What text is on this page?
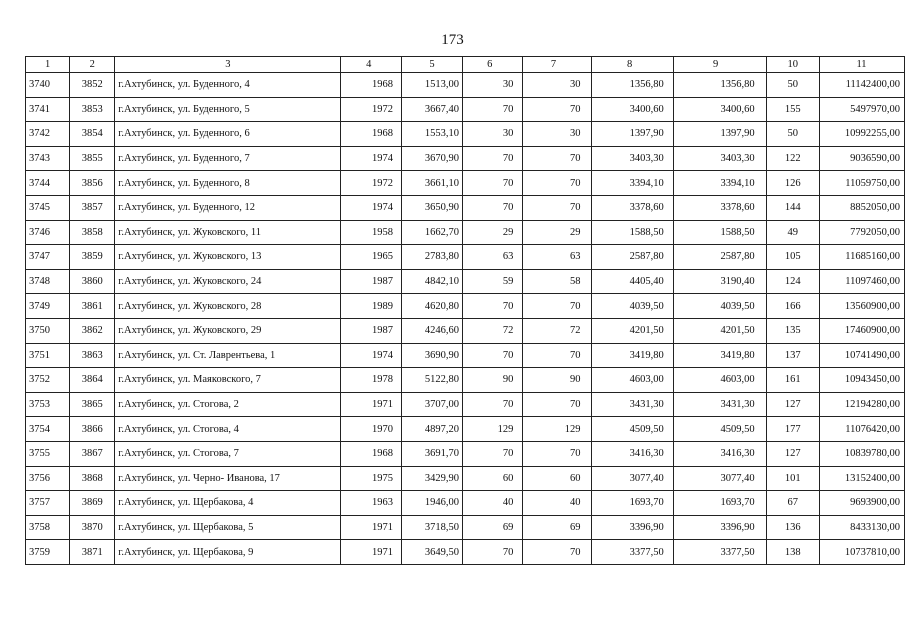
173
1	2	3	4	5	6	7	8	9	10	11
3740	3852	г.Ахтубинск, ул. Буденного, 4	1968	1513,00	30	30	1356,80	1356,80	50	11142400,00
3741	3853	г.Ахтубинск, ул. Буденного, 5	1972	3667,40	70	70	3400,60	3400,60	155	5497970,00
3742	3854	г.Ахтубинск, ул. Буденного, 6	1968	1553,10	30	30	1397,90	1397,90	50	10992255,00
3743	3855	г.Ахтубинск, ул. Буденного, 7	1974	3670,90	70	70	3403,30	3403,30	122	9036590,00
3744	3856	г.Ахтубинск, ул. Буденного, 8	1972	3661,10	70	70	3394,10	3394,10	126	11059750,00
3745	3857	г.Ахтубинск, ул. Буденного, 12	1974	3650,90	70	70	3378,60	3378,60	144	8852050,00
3746	3858	г.Ахтубинск, ул. Жуковского, 11	1958	1662,70	29	29	1588,50	1588,50	49	7792050,00
3747	3859	г.Ахтубинск, ул. Жуковского, 13	1965	2783,80	63	63	2587,80	2587,80	105	11685160,00
3748	3860	г.Ахтубинск, ул. Жуковского, 24	1987	4842,10	59	58	4405,40	3190,40	124	11097460,00
3749	3861	г.Ахтубинск, ул. Жуковского, 28	1989	4620,80	70	70	4039,50	4039,50	166	13560900,00
3750	3862	г.Ахтубинск, ул. Жуковского, 29	1987	4246,60	72	72	4201,50	4201,50	135	17460900,00
3751	3863	г.Ахтубинск, ул. Ст. Лаврентьева, 1	1974	3690,90	70	70	3419,80	3419,80	137	10741490,00
3752	3864	г.Ахтубинск, ул. Маяковского, 7	1978	5122,80	90	90	4603,00	4603,00	161	10943450,00
3753	3865	г.Ахтубинск, ул. Стогова, 2	1971	3707,00	70	70	3431,30	3431,30	127	12194280,00
3754	3866	г.Ахтубинск, ул. Стогова, 4	1970	4897,20	129	129	4509,50	4509,50	177	11076420,00
3755	3867	г.Ахтубинск, ул. Стогова, 7	1968	3691,70	70	70	3416,30	3416,30	127	10839780,00
3756	3868	г.Ахтубинск, ул. Черно- Иванова, 17	1975	3429,90	60	60	3077,40	3077,40	101	13152400,00
3757	3869	г.Ахтубинск, ул. Щербакова, 4	1963	1946,00	40	40	1693,70	1693,70	67	9693900,00
3758	3870	г.Ахтубинск, ул. Щербакова, 5	1971	3718,50	69	69	3396,90	3396,90	136	8433130,00
3759	3871	г.Ахтубинск, ул. Щербакова, 9	1971	3649,50	70	70	3377,50	3377,50	138	10737810,00
